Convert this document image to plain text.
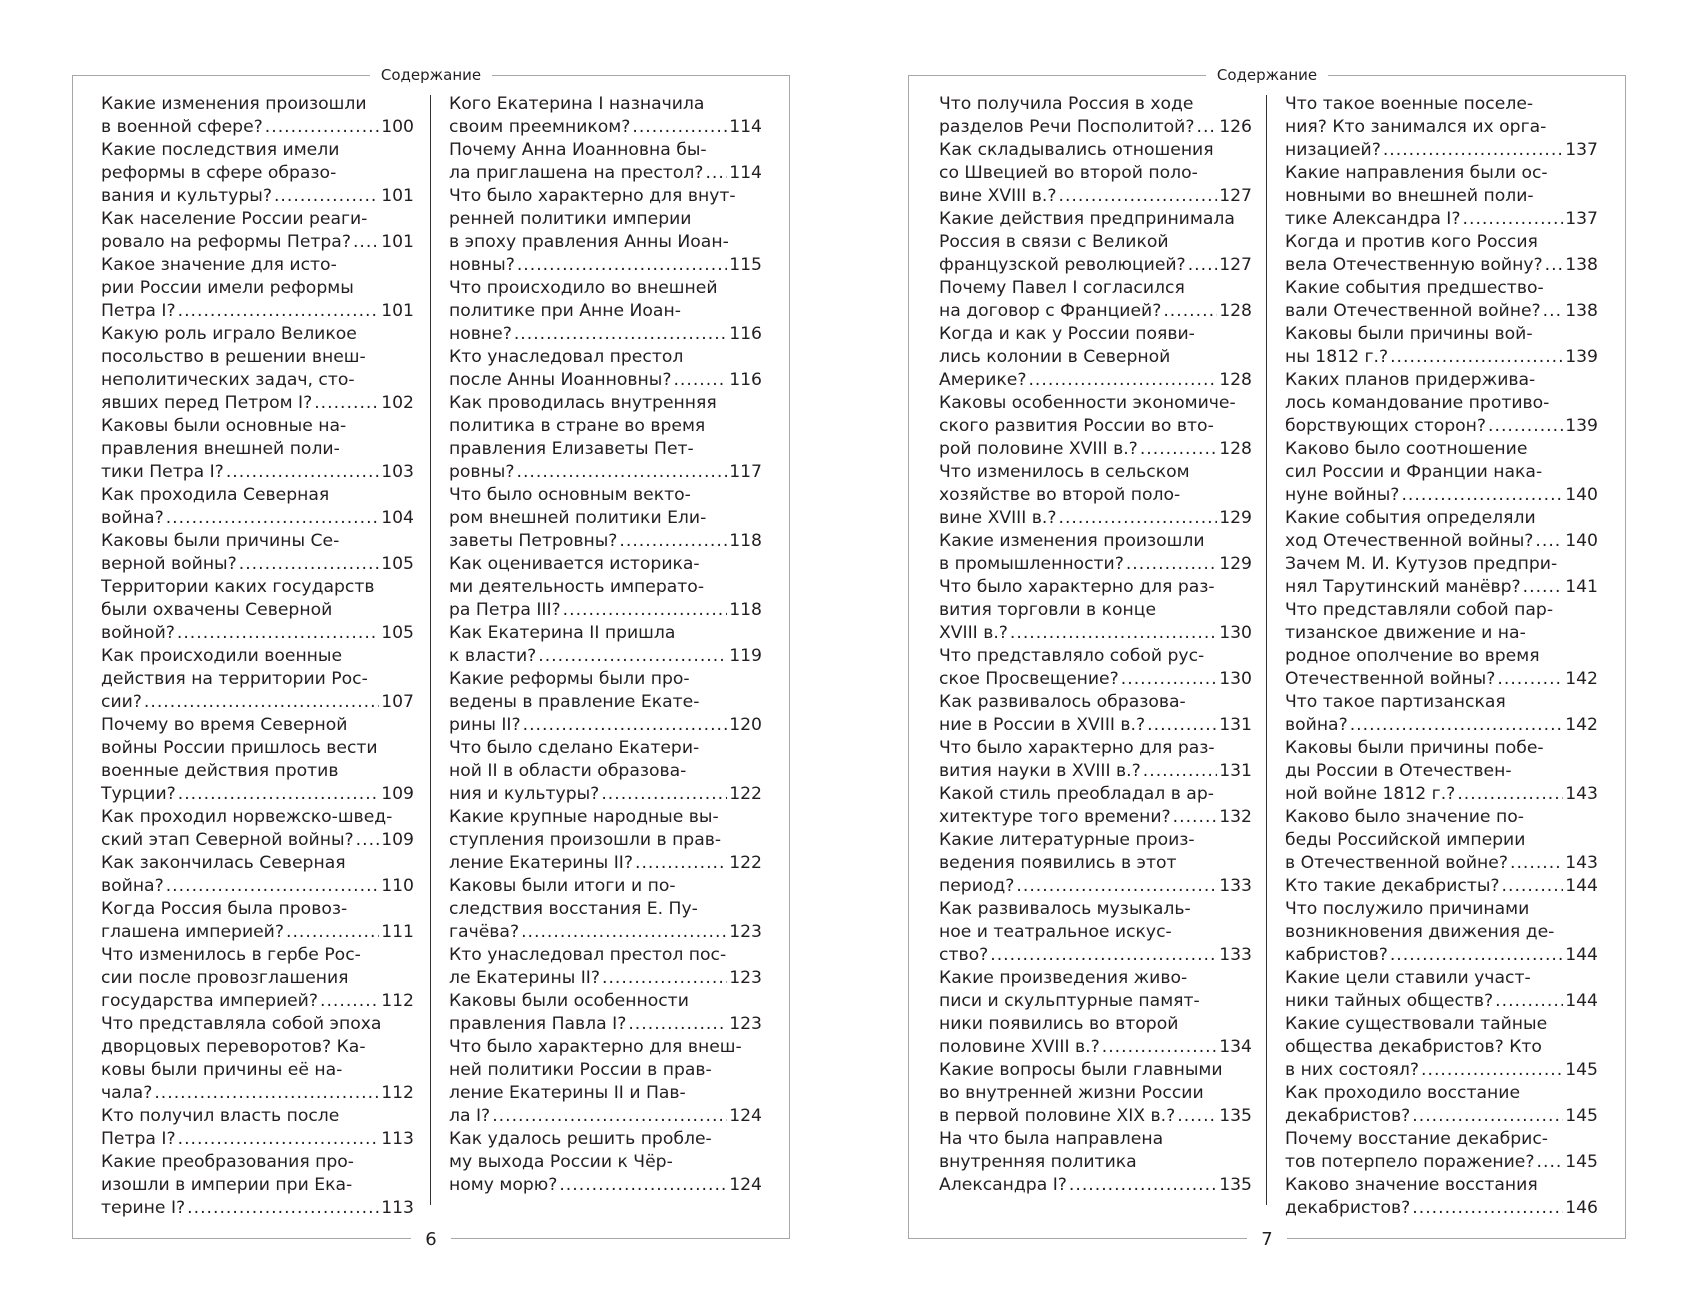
Содержание
Какие изменения произошли
в военной сфере? .....	100
Какие последствия имели
реформы в сфере образо-
вания и культуры? .....	101
Как население России реаги-
ровало на реформы Петра? ..... 101
Какое значение для исто-
рии России имели реформы
Петра I? .....	101
Какую роль играло Великое
посольство в решении внеш-
неполитических задач, сто-
явших перед Петром I? .....	102
Каковы были основные на-
правления внешней поли-
тики Петра I? .....	103
Как проходила Северная
война? .....	104
Каковы были причины Се-
верной войны? .....	105
Территории каких государств
были охвачены Северной
войной? .....	105
Как происходили военные
действия на территории Рос-
сии? .....	107
Почему во время Северной
войны России пришлось вести
военные действия против
Турции? .....	109
Как проходил норвежско-швед-
ский этап Северной войны? ..... 109
Как закончилась Северная
война? .....	110
Когда Россия была провоз-
глашена империей? .....	111
Что изменилось в гербе Рос-
сии после провозглашения
государства империей? .....	112
Что представляла собой эпоха
дворцовых переворотов? Ка-
ковы были причины её на-
чала? .....	112
Кто получил власть после
Петра I? .....	113
Какие преобразования про-
изошли в империи при Ека-
терине I? .....	113
Кого Екатерина I назначила
своим преемником? .....	114
Почему Анна Иоанновна бы-
ла приглашена на престол? ..... 114
Что было характерно для внут-
ренней политики империи
в эпоху правления Анны Иоан-
новны? .....	115
Что происходило во внешней
политике при Анне Иоан-
новне? .....	116
Кто унаследовал престол
после Анны Иоанновны? .....	116
Как проводилась внутренняя
политика в стране во время
правления Елизаветы Пет-
ровны? .....	117
Что было основным векто-
ром внешней политики Ели-
заветы Петровны? .....	118
Как оценивается историка-
ми деятельность императо-
ра Петра III? .....	118
Как Екатерина II пришла
к власти? .....	119
Какие реформы были про-
ведены в правление Екате-
рины II? .....	120
Что было сделано Екатери-
ной II в области образова-
ния и культуры? .....	122
Какие крупные народные вы-
ступления произошли в прав-
ление Екатерины II? .....	122
Каковы были итоги и по-
следствия восстания Е. Пу-
гачёва? .....	123
Кто унаследовал престол пос-
ле Екатерины II? .....	123
Каковы были особенности
правления Павла I? .....	123
Что было характерно для внеш-
ней политики России в прав-
ление Екатерины II и Пав-
ла I? .....	124
Как удалось решить пробле-
му выхода России к Чёр-
ному морю? .....	124
6
Содержание
Что получила Россия в ходе
разделов Речи Посполитой? ..... 126
Как складывались отношения
со Швецией во второй поло-
вине XVIII в.? .....	127
Какие действия предпринимала
Россия в связи с Великой
французской революцией? ..... 127
Почему Павел I согласился
на договор с Францией? .....	128
Когда и как у России появи-
лись колонии в Северной
Америке? .....	128
Каковы особенности экономиче-
ского развития России во вто-
рой половине XVIII в.? .....	128
Что изменилось в сельском
хозяйстве во второй поло-
вине XVIII в.? .....	129
Какие изменения произошли
в промышленности? .....	129
Что было характерно для раз-
вития торговли в конце
XVIII в.? .....	130
Что представляло собой рус-
ское Просвещение? .....	130
Как развивалось образова-
ние в России в XVIII в.? .....	131
Что было характерно для раз-
вития науки в XVIII в.? .....	131
Какой стиль преобладал в ар-
хитектуре того времени? .....	132
Какие литературные произ-
ведения появились в этот
период? .....	133
Как развивалось музыкаль-
ное и театральное искус-
ство? .....	133
Какие произведения живо-
писи и скульптурные памят-
ники появились во второй
половине XVIII в.? .....	134
Какие вопросы были главными
во внутренней жизни России
в первой половине XIX в.? .....	135
На что была направлена
внутренняя политика
Александра I? .....	135
Что такое военные поселе-
ния? Кто занимался их орга-
низацией? .....	137
Какие направления были ос-
новными во внешней поли-
тике Александра I? .....	137
Когда и против кого Россия
вела Отечественную войну? ..... 138
Какие события предшество-
вали Отечественной войне? ..... 138
Каковы были причины вой-
ны 1812 г.? .....	139
Каких планов придерживa-
лось командование противо-
борствующих сторон? .....	139
Каково было соотношение
сил России и Франции нака-
нуне войны? .....	140
Какие события определяли
ход Отечественной войны? ..... 140
Зачем М. И. Кутузов предпри-
нял Тарутинский манёвр? .....	141
Что представляли собой пар-
тизанское движение и на-
родное ополчение во время
Отечественной войны? .....	142
Что такое партизанская
война? .....	142
Каковы были причины побе-
ды России в Отечествен-
ной войне 1812 г.? .....	143
Каково было значение по-
беды Российской империи
в Отечественной войне? .....	143
Кто такие декабристы? .....	144
Что послужило причинами
возникновения движения де-
кабристов? .....	144
Какие цели ставили участ-
ники тайных обществ? .....	144
Какие существовали тайные
общества декабристов? Кто
в них состоял? .....	145
Как проходило восстание
декабристов? .....	145
Почему восстание декабрис-
тов потерпело поражение? ..... 145
Каково значение восстания
декабристов? .....	146
7
